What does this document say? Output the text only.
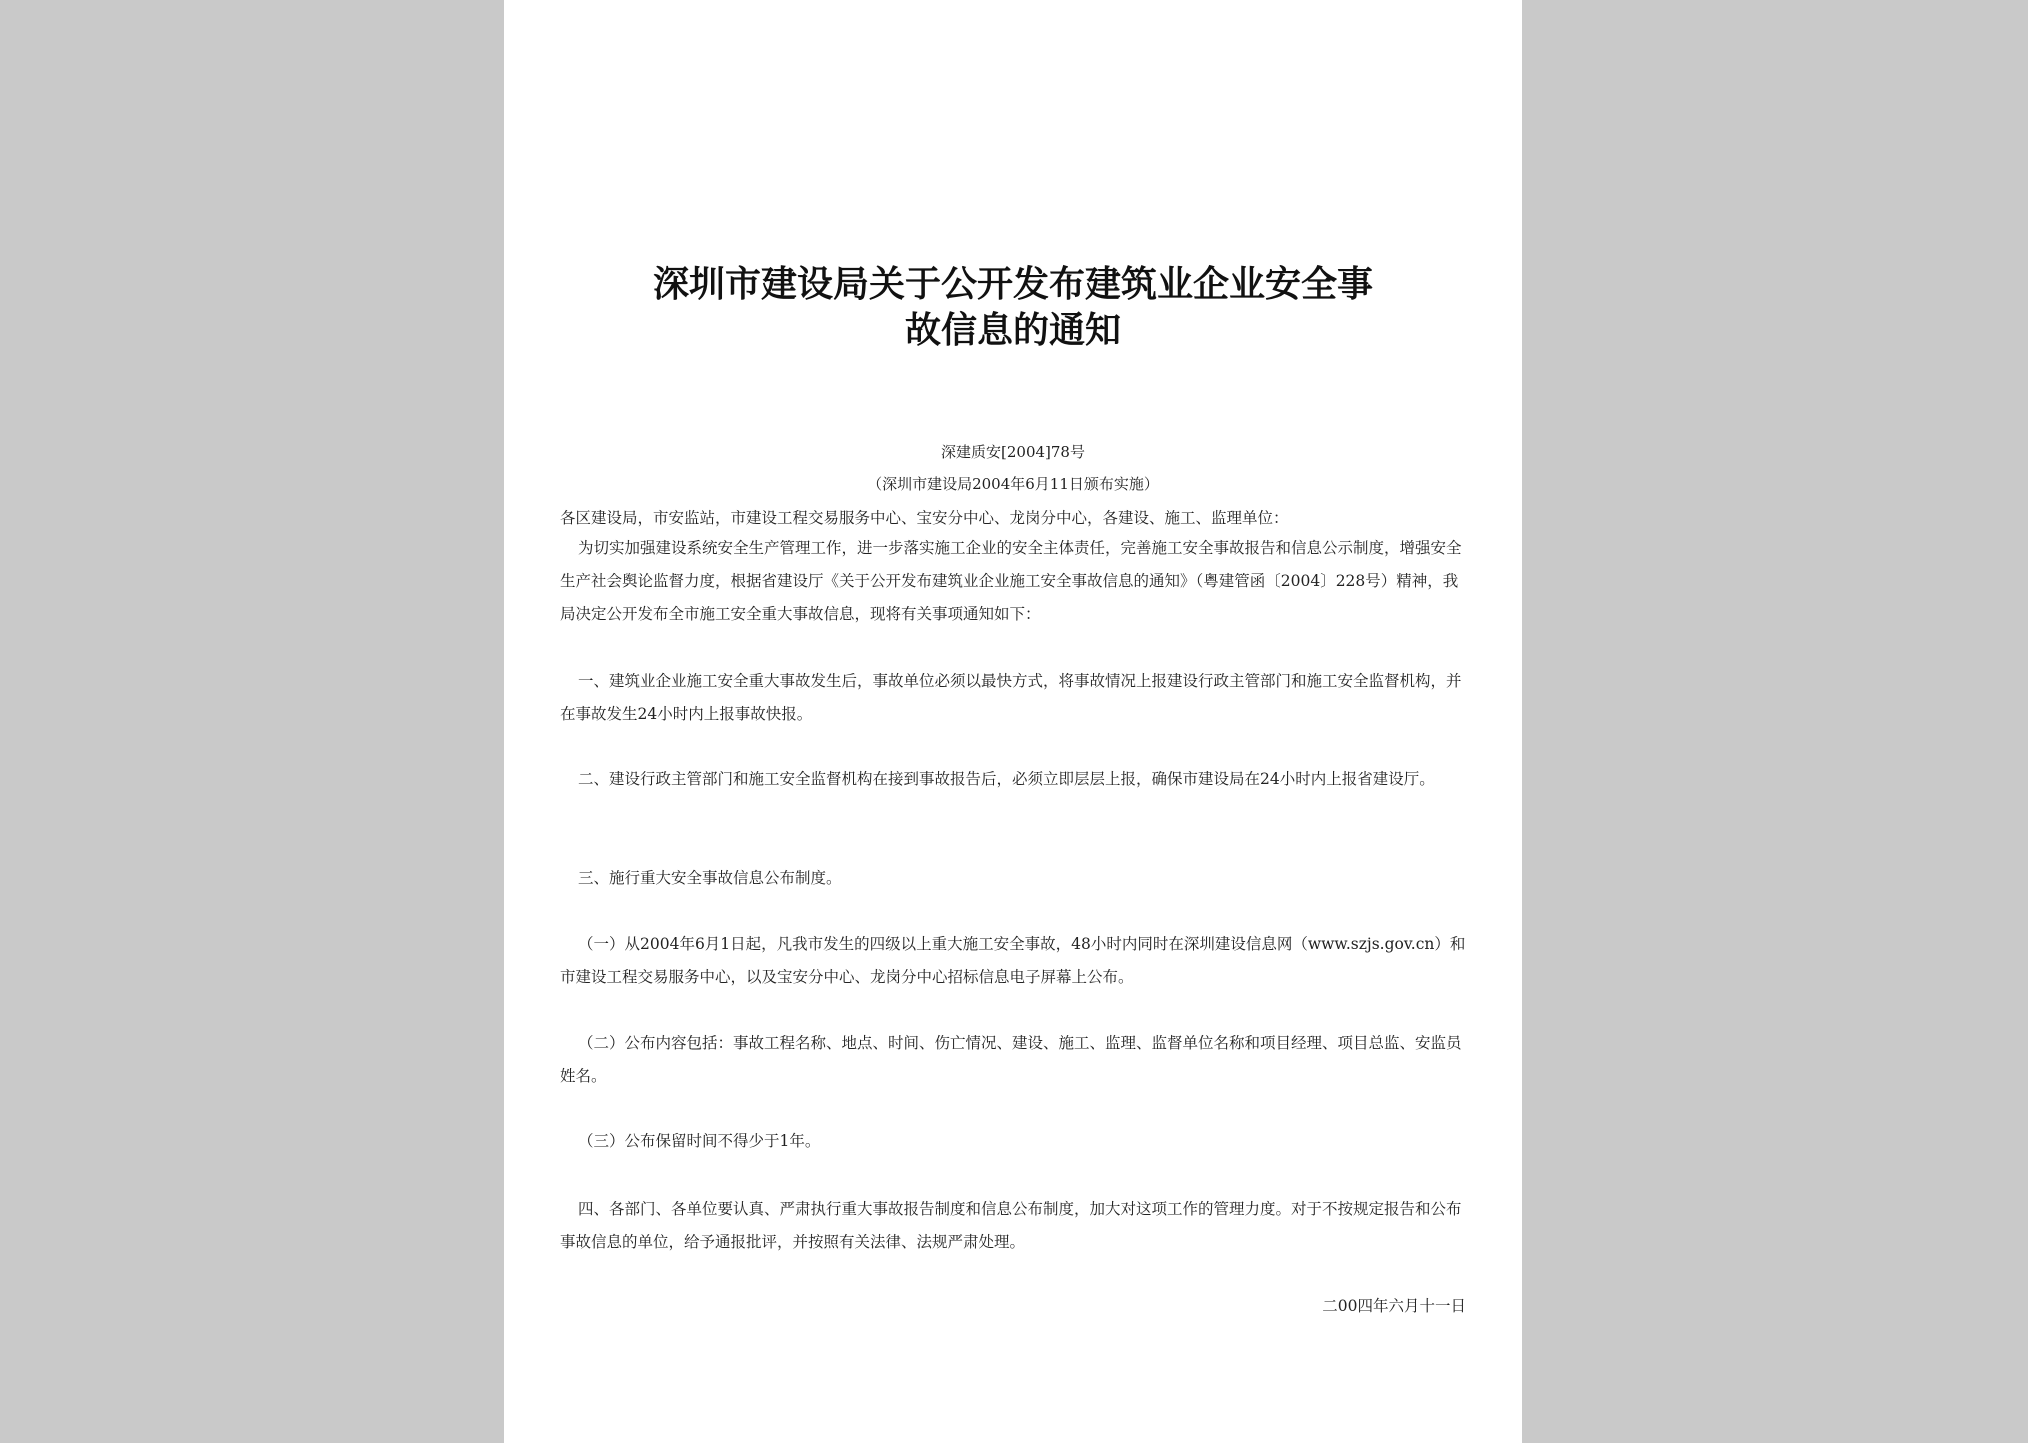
深圳市建设局关于公开发布建筑业企业安全事故信息的通知
深建质安[2004]78号
（深圳市建设局2004年6月11日颁布实施）

各区建设局，市安监站，市建设工程交易服务中心、宝安分中心、龙岗分中心，各建设、施工、监理单位：

为切实加强建设系统安全生产管理工作，进一步落实施工企业的安全主体责任，完善施工安全事故报告和信息公示制度，增强安全生产社会舆论监督力度，根据省建设厅《关于公开发布建筑业企业施工安全事故信息的通知》（粤建管函〔2004〕228号）精神，我局决定公开发布全市施工安全重大事故信息，现将有关事项通知如下：

一、建筑业企业施工安全重大事故发生后，事故单位必须以最快方式，将事故情况上报建设行政主管部门和施工安全监督机构，并在事故发生24小时内上报事故快报。

二、建设行政主管部门和施工安全监督机构在接到事故报告后，必须立即层层上报，确保市建设局在24小时内上报省建设厅。

三、施行重大安全事故信息公布制度。

（一）从2004年6月1日起，凡我市发生的四级以上重大施工安全事故，48小时内同时在深圳建设信息网（www.szjs.gov.cn）和市建设工程交易服务中心，以及宝安分中心、龙岗分中心招标信息电子屏幕上公布。

（二）公布内容包括：事故工程名称、地点、时间、伤亡情况、建设、施工、监理、监督单位名称和项目经理、项目总监、安监员姓名。

（三）公布保留时间不得少于1年。

四、各部门、各单位要认真、严肃执行重大事故报告制度和信息公布制度，加大对这项工作的管理力度。对于不按规定报告和公布事故信息的单位，给予通报批评，并按照有关法律、法规严肃处理。

二00四年六月十一日
